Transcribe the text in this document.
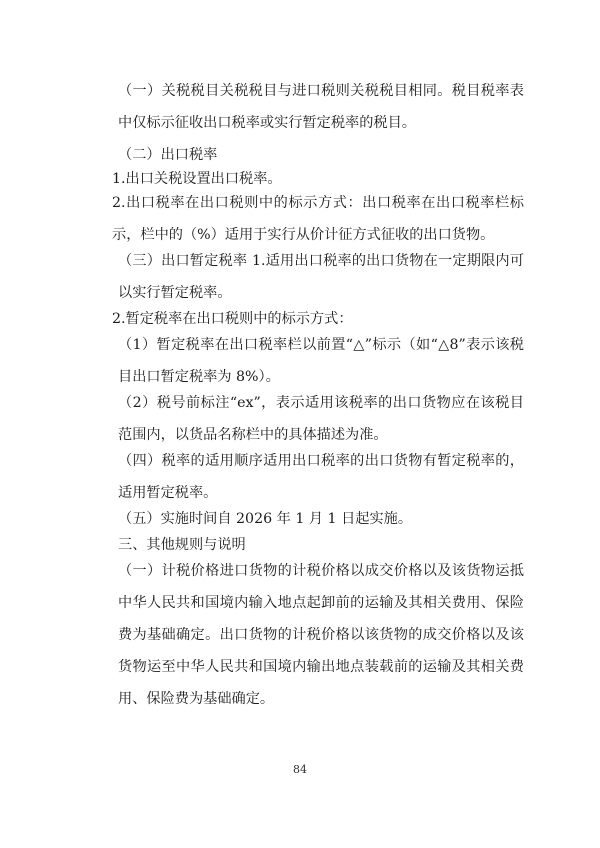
（一）关税税目关税税目与进口税则关税税目相同。税目税率表中仅标示征收出口税率或实行暂定税率的税目。
（二）出口税率
1.出口关税设置出口税率。
2.出口税率在出口税则中的标示方式：出口税率在出口税率栏标示，栏中的（%）适用于实行从价计征方式征收的出口货物。
（三）出口暂定税率 1.适用出口税率的出口货物在一定期限内可以实行暂定税率。
2.暂定税率在出口税则中的标示方式：
（1）暂定税率在出口税率栏以前置“△”标示（如“△8”表示该税目出口暂定税率为 8%）。
（2）税号前标注“ex”，表示适用该税率的出口货物应在该税目范围内，以货品名称栏中的具体描述为准。
（四）税率的适用顺序适用出口税率的出口货物有暂定税率的，适用暂定税率。
（五）实施时间自 2026 年 1 月 1 日起实施。
三、其他规则与说明
（一）计税价格进口货物的计税价格以成交价格以及该货物运抵中华人民共和国境内输入地点起卸前的运输及其相关费用、保险费为基础确定。出口货物的计税价格以该货物的成交价格以及该货物运至中华人民共和国境内输出地点装载前的运输及其相关费用、保险费为基础确定。
84
